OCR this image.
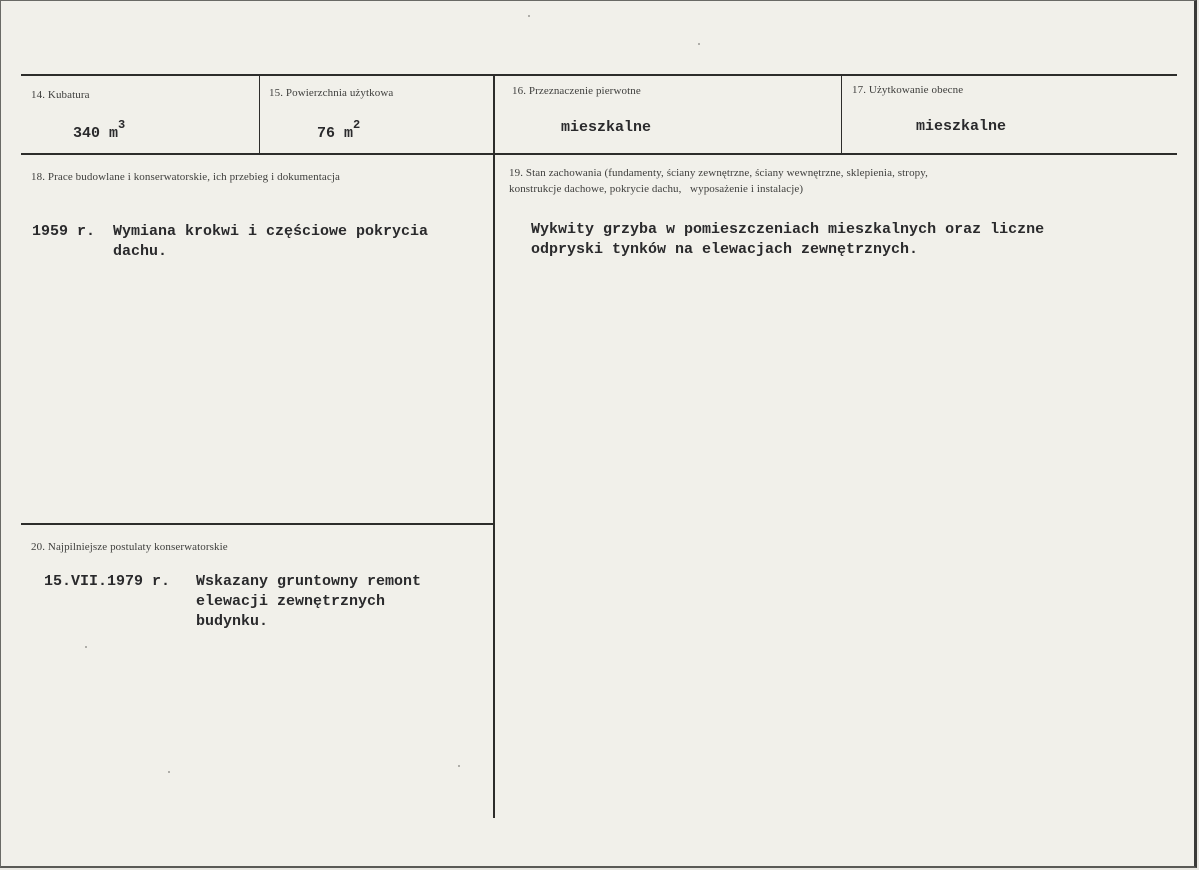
14. Kubatura
340 $m^3$
15. Powierzchnia użytkowa
76 $m^2$
16. Przeznaczenie pierwotne
mieszkalne
17. Użytkowanie obecne
mieszkalne
18. Prace budowlane i konserwatorskie, ich przebieg i dokumentacja
1959 r. Wymiana krokwi i częściowe pokrycia
dachu.
19. Stan zachowania (fundamenty, ściany zewnętrzne, ściany wewnętrzne, sklepienia, stropy,
konstrukcje dachowe, pokrycie dachu,   wyposażenie i instalacje)
Wykwity grzyba w pomieszczeniach mieszkalnych oraz liczne
odpryski tynków na elewacjach zewnętrznych.
20. Najpilniejsze postulaty konserwatorskie
15.VII.1979 r. Wskazany gruntowny remont
elewacji zewnętrznych
budynku.
